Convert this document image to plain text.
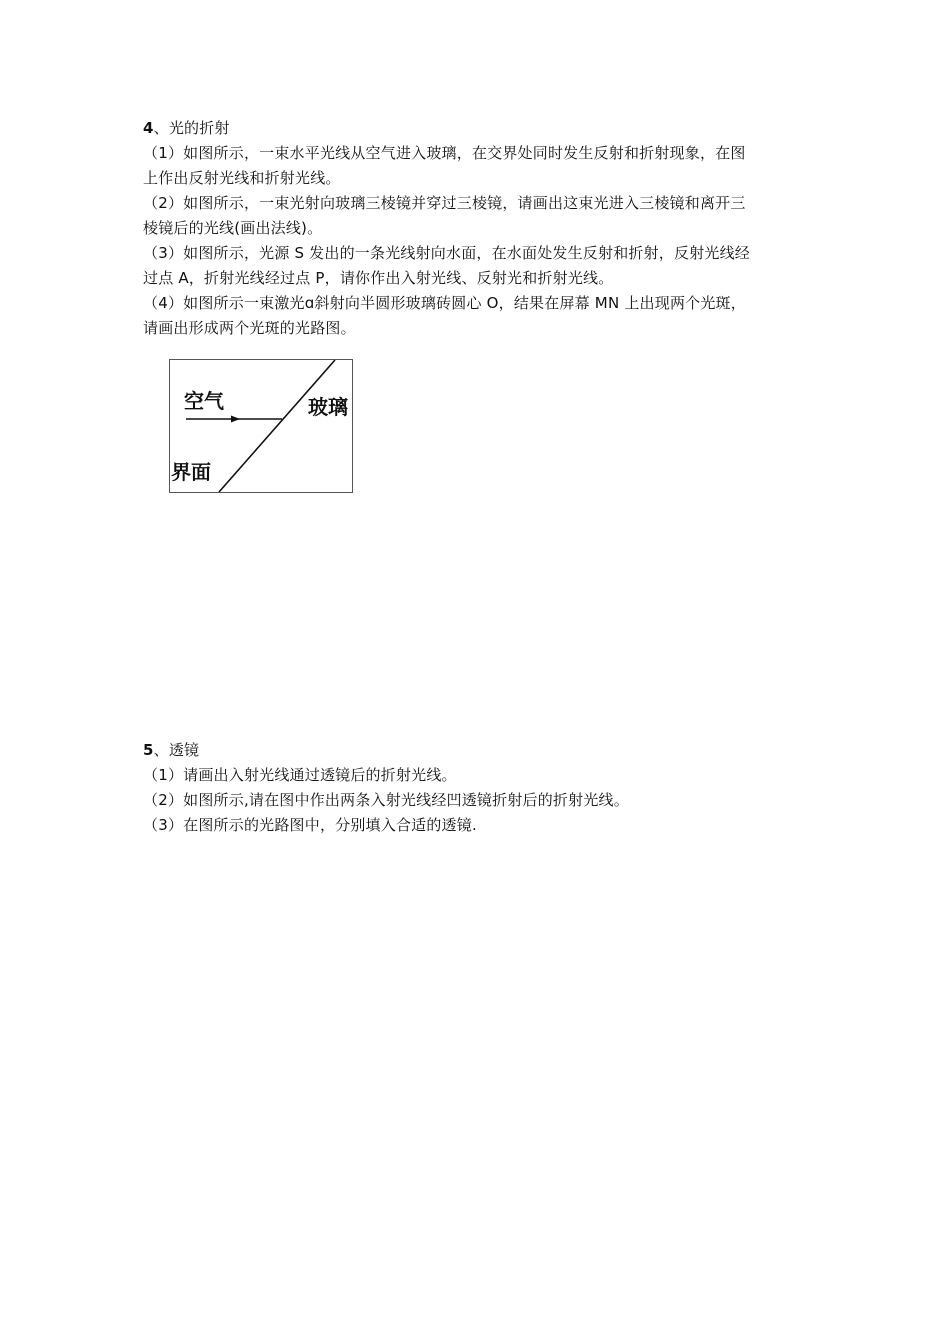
4、光的折射
（1）如图所示，一束水平光线从空气进入玻璃，在交界处同时发生反射和折射现象，在图
上作出反射光线和折射光线。
（2）如图所示，一束光射向玻璃三棱镜并穿过三棱镜，请画出这束光进入三棱镜和离开三
棱镜后的光线(画出法线)。
（3）如图所示，光源 S 发出的一条光线射向水面，在水面处发生反射和折射，反射光线经
过点 A，折射光线经过点 P，请你作出入射光线、反射光和折射光线。
（4）如图所示一束激光ɑ斜射向半圆形玻璃砖圆心 O，结果在屏幕 MN 上出现两个光斑，
请画出形成两个光斑的光路图。
空气	玻璃
界面
5、透镜
（1）请画出入射光线通过透镜后的折射光线。
（2）如图所示,请在图中作出两条入射光线经凹透镜折射后的折射光线。
（3）在图所示的光路图中，分别填入合适的透镜.
